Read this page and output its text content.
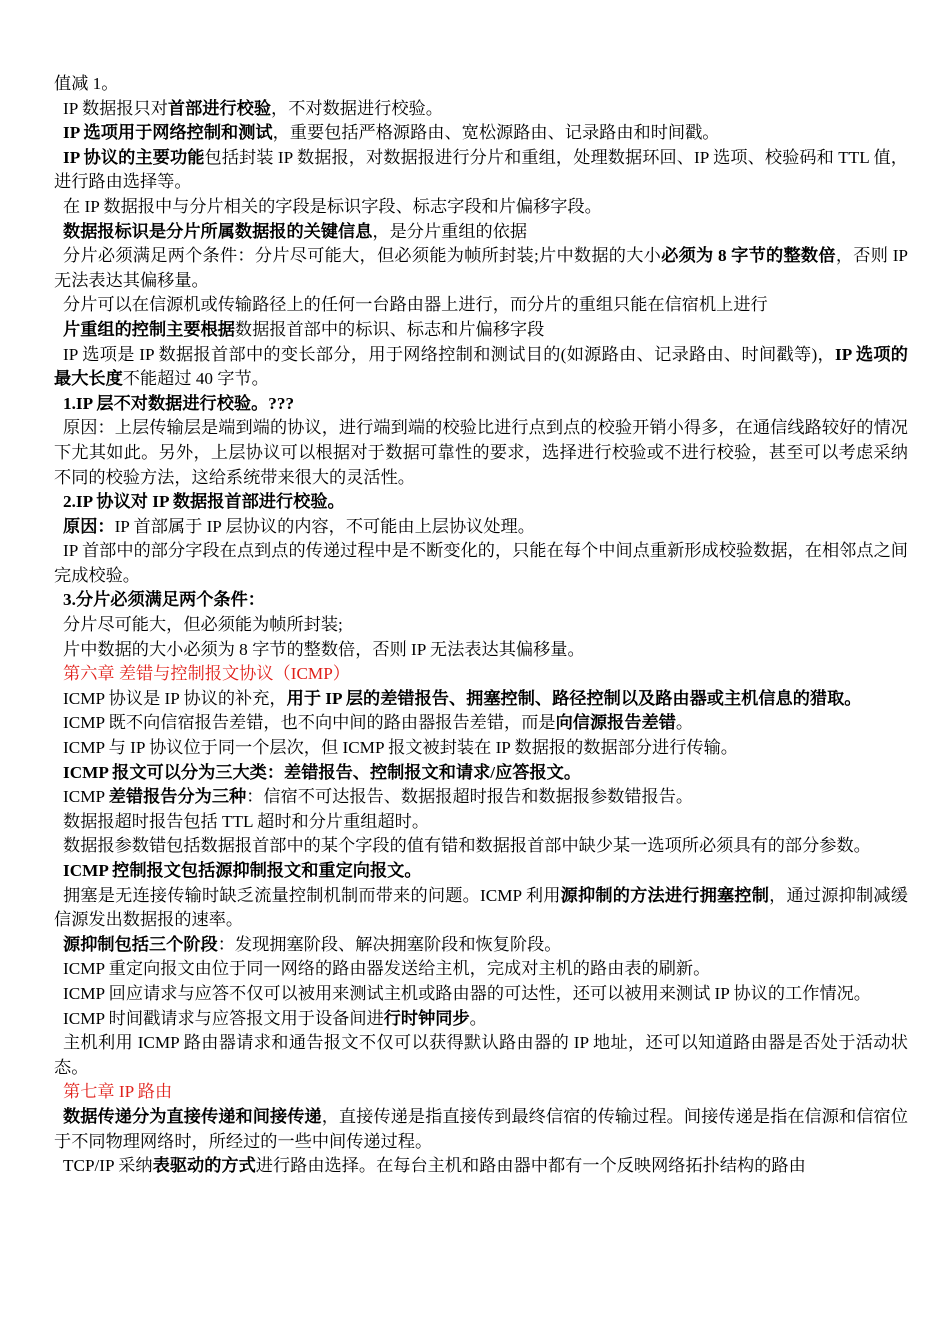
值减 1。

IP 数据报只对首部进行校验，不对数据进行校验。

IP 选项用于网络控制和测试，重要包括严格源路由、宽松源路由、记录路由和时间戳。

IP 协议的主要功能包括封装 IP 数据报，对数据报进行分片和重组，处理数据环回、IP 选项、校验码和 TTL 值，进行路由选择等。

在 IP 数据报中与分片相关的字段是标识字段、标志字段和片偏移字段。

数据报标识是分片所属数据报的关键信息，是分片重组的依据

分片必须满足两个条件：分片尽可能大，但必须能为帧所封装;片中数据的大小必须为 8 字节的整数倍，否则 IP 无法表达其偏移量。

分片可以在信源机或传输路径上的任何一台路由器上进行，而分片的重组只能在信宿机上进行

片重组的控制主要根据数据报首部中的标识、标志和片偏移字段

IP 选项是 IP 数据报首部中的变长部分，用于网络控制和测试目的(如源路由、记录路由、时间戳等)，IP 选项的最大长度不能超过 40 字节。

1.IP 层不对数据进行校验。???

原因：上层传输层是端到端的协议，进行端到端的校验比进行点到点的校验开销小得多，在通信线路较好的情况下尤其如此。另外，上层协议可以根据对于数据可靠性的要求，选择进行校验或不进行校验，甚至可以考虑采纳不同的校验方法，这给系统带来很大的灵活性。

2.IP 协议对 IP 数据报首部进行校验。

原因：IP 首部属于 IP 层协议的内容，不可能由上层协议处理。

IP 首部中的部分字段在点到点的传递过程中是不断变化的，只能在每个中间点重新形成校验数据，在相邻点之间完成校验。

3.分片必须满足两个条件：

分片尽可能大，但必须能为帧所封装;

片中数据的大小必须为 8 字节的整数倍，否则 IP 无法表达其偏移量。

第六章 差错与控制报文协议（ICMP）

ICMP 协议是 IP 协议的补充，用于 IP 层的差错报告、拥塞控制、路径控制以及路由器或主机信息的猎取。

ICMP 既不向信宿报告差错，也不向中间的路由器报告差错，而是向信源报告差错。

ICMP 与 IP 协议位于同一个层次，但 ICMP 报文被封装在 IP 数据报的数据部分进行传输。

ICMP 报文可以分为三大类：差错报告、控制报文和请求/应答报文。

ICMP 差错报告分为三种：信宿不可达报告、数据报超时报告和数据报参数错报告。

数据报超时报告包括 TTL 超时和分片重组超时。

数据报参数错包括数据报首部中的某个字段的值有错和数据报首部中缺少某一选项所必须具有的部分参数。

ICMP 控制报文包括源抑制报文和重定向报文。

拥塞是无连接传输时缺乏流量控制机制而带来的问题。ICMP 利用源抑制的方法进行拥塞控制，通过源抑制减缓信源发出数据报的速率。

源抑制包括三个阶段：发现拥塞阶段、解决拥塞阶段和恢复阶段。

ICMP 重定向报文由位于同一网络的路由器发送给主机，完成对主机的路由表的刷新。

ICMP 回应请求与应答不仅可以被用来测试主机或路由器的可达性，还可以被用来测试 IP 协议的工作情况。

ICMP 时间戳请求与应答报文用于设备间进行时钟同步。

主机利用 ICMP 路由器请求和通告报文不仅可以获得默认路由器的 IP 地址，还可以知道路由器是否处于活动状态。

第七章 IP 路由

数据传递分为直接传递和间接传递，直接传递是指直接传到最终信宿的传输过程。间接传递是指在信源和信宿位于不同物理网络时，所经过的一些中间传递过程。

TCP/IP 采纳表驱动的方式进行路由选择。在每台主机和路由器中都有一个反映网络拓扑结构的路由
